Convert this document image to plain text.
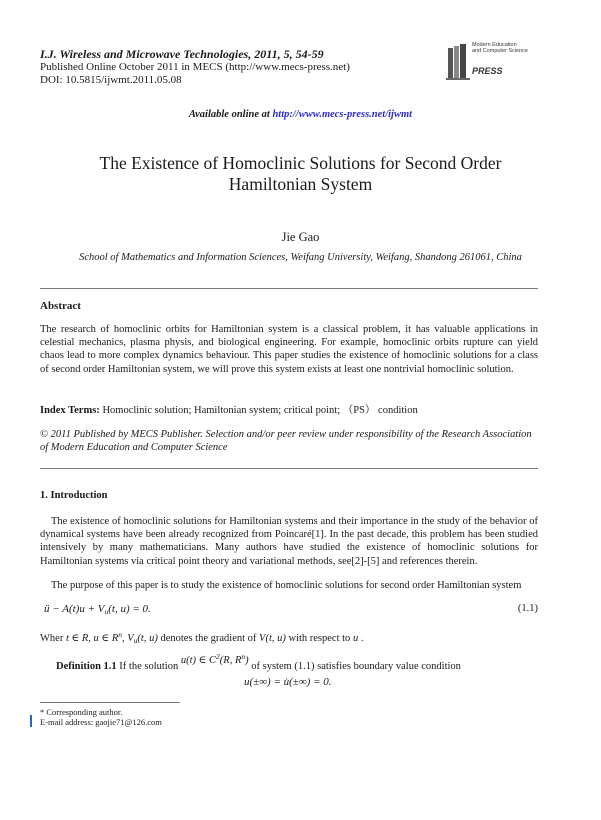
I.J. Wireless and Microwave Technologies, 2011, 5, 54-59
Published Online October 2011 in MECS (http://www.mecs-press.net)
DOI: 10.5815/ijwmt.2011.05.08
Modern Education
and Computer Science
PRESS
Available online at http://www.mecs-press.net/ijwmt
The Existence of Homoclinic Solutions for Second Order
Hamiltonian System
Jie Gao
School of Mathematics and Information Sciences, Weifang University, Weifang, Shandong 261061, China
Abstract
The research of homoclinic orbits for Hamiltonian system is a classical problem, it has valuable applications in celestial mechanics, plasma physis, and biological engineering. For example, homoclinic orbits rupture can yield chaos lead to more complex dynamics behaviour. This paper studies the existence of homoclinic solutions for a class of second order Hamiltonian system, we will prove this system exists at least one nontrivial homoclinic solution.
Index Terms: Homoclinic solution; Hamiltonian system; critical point; （PS） condition
© 2011 Published by MECS Publisher. Selection and/or peer review under responsibility of the Research Association of Modern Education and Computer Science
1. Introduction
The existence of homoclinic solutions for Hamiltonian systems and their importance in the study of the behavior of dynamical systems have been already recognized from Poincaré[1]. In the past decade, this problem has been studied intensively by many mathematicians. Many authors have studied the existence of homoclinic solutions for Hamiltonian systems via critical point theory and variational methods, see[2]-[5] and references therein.
The purpose of this paper is to study the existence of homoclinic solutions for second order Hamiltonian system
ü − $A(t)u + V_u(t$, u) = 0.	(1.1)
Wher t ∈ R, u ∈ $R^n$, $V_u(t$, u) denotes the gradient of V(t, u) with respect to u .
Definition 1.1 If the solution u(t) ∈ $C^2(R$, $R^n$) of system (1.1) satisfies boundary value condition
u(±∞) = u̇(±∞) = 0.
* Corresponding author.
E-mail address: gaojie71@126.com
